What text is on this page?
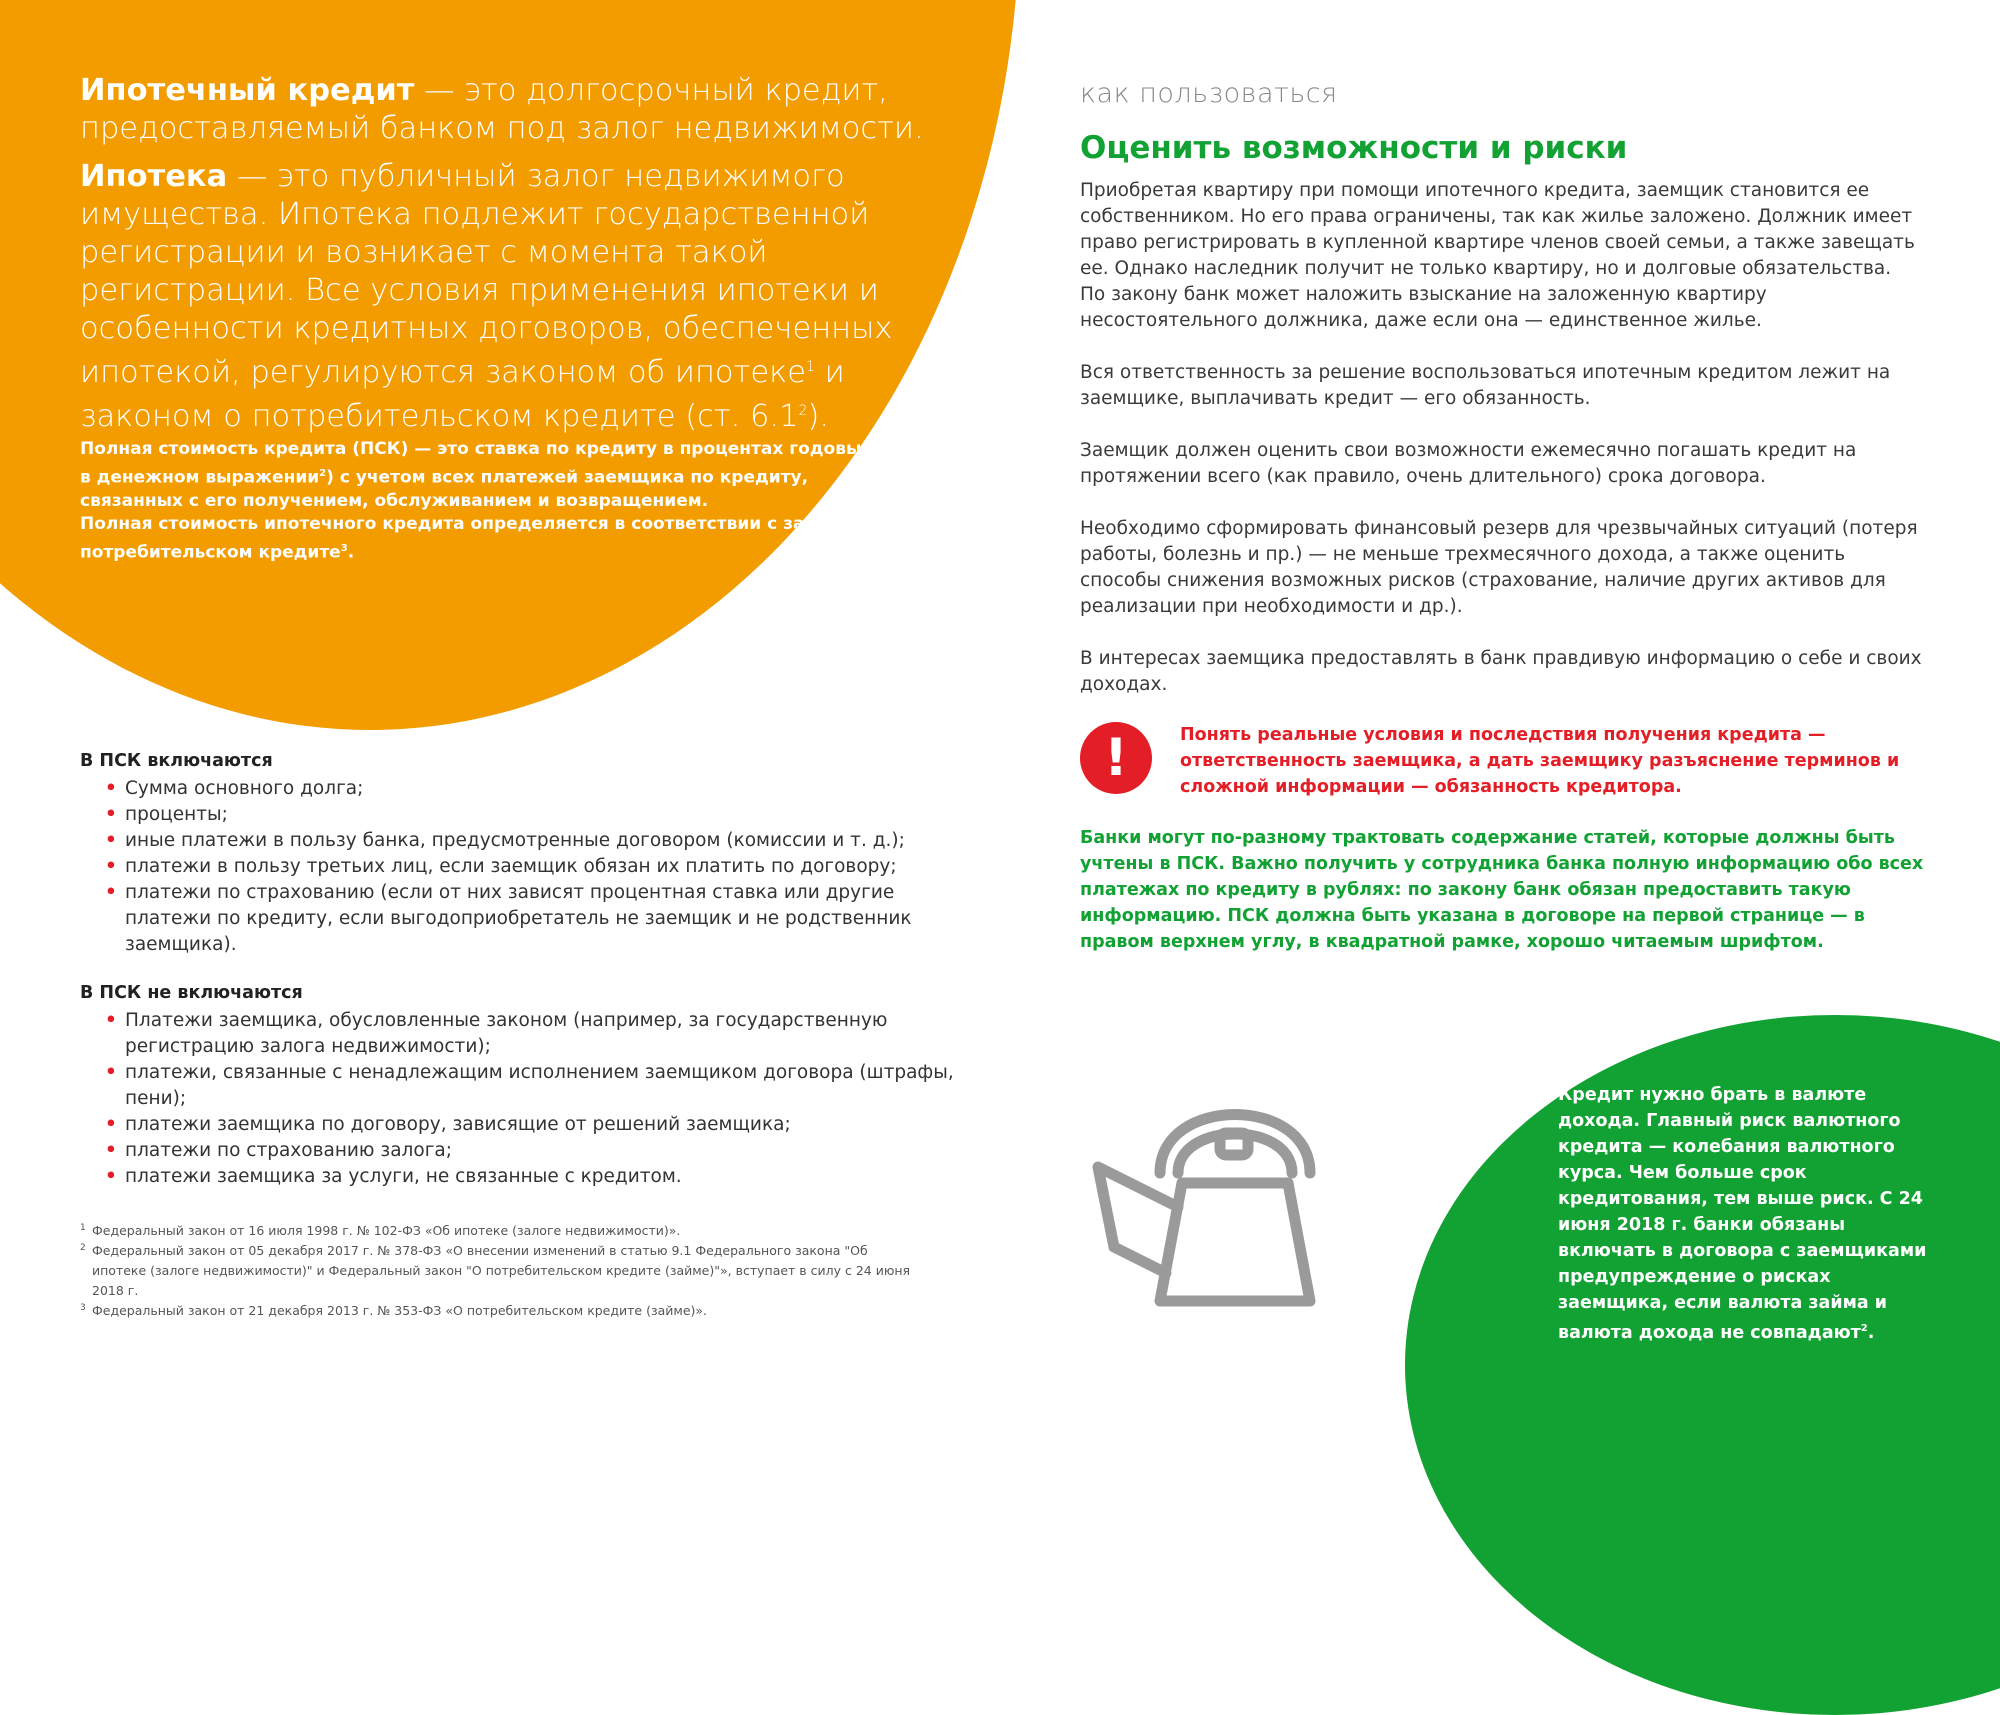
Ипотечный кредит — это долгосрочный кредит, предоставляемый банком под залог недвижимости.

Ипотека — это публичный залог недвижимого имущества. Ипотека подлежит государственной регистрации и возникает с момента такой регистрации. Все условия применения ипотеки и особенности кредитных договоров, обеспеченных ипотекой, регулируются законом об ипотеке$^1$ и законом о потребительском кредите (ст. $6.1^2$).

Полная стоимость кредита (ПСК) — это ставка по кредиту в процентах годовых (и в денежном выражении$^2$) с учетом всех платежей заемщика по кредиту, связанных с его получением, обслуживанием и возвращением.

Полная стоимость ипотечного кредита определяется в соответствии с законом о потребительском кредите$^3$.

В ПСК включаются
• Сумма основного долга;
• проценты;
• иные платежи в пользу банка, предусмотренные договором (комиссии и т. д.);
• платежи в пользу третьих лиц, если заемщик обязан их платить по договору;
• платежи по страхованию (если от них зависят процентная ставка или другие платежи по кредиту, если выгодоприобретатель не заемщик и не родственник заемщика).
В ПСК не включаются
• Платежи заемщика, обусловленные законом (например, за государственную регистрацию залога недвижимости);
• платежи, связанные с ненадлежащим исполнением заемщиком договора (штрафы, пени);
• платежи заемщика по договору, зависящие от решений заемщика;
• платежи по страхованию залога;
• платежи заемщика за услуги, не связанные с кредитом.
1 Федеральный закон от 16 июля 1998 г. № 102-ФЗ «Об ипотеке (залоге недвижимости)».
2 Федеральный закон от 05 декабря 2017 г. № 378-ФЗ «О внесении изменений в статью 9.1 Федерального закона "Об ипотеке (залоге недвижимости)" и Федеральный закон "О потребительском кредите (займе)"», вступает в силу с 24 июня 2018 г.
3 Федеральный закон от 21 декабря 2013 г. № 353-ФЗ «О потребительском кредите (займе)».
как пользоваться
Оценить возможности и риски

Приобретая квартиру при помощи ипотечного кредита, заемщик становится ее собственником. Но его права ограничены, так как жилье заложено. Должник имеет право регистрировать в купленной квартире членов своей семьи, а также завещать ее. Однако наследник получит не только квартиру, но и долговые обязательства. По закону банк может наложить взыскание на заложенную квартиру несостоятельного должника, даже если она — единственное жилье.

Вся ответственность за решение воспользоваться ипотечным кредитом лежит на заемщике, выплачивать кредит — его обязанность.

Заемщик должен оценить свои возможности ежемесячно погашать кредит на протяжении всего (как правило, очень длительного) срока договора.

Необходимо сформировать финансовый резерв для чрезвычайных ситуаций (потеря работы, болезнь и пр.) — не меньше трехмесячного дохода, а также оценить способы снижения возможных рисков (страхование, наличие других активов для реализации при необходимости и др.).

В интересах заемщика предоставлять в банк правдивую информацию о себе и своих доходах.

!	Понять реальные условия и последствия получения кредита — ответственность заемщика, а дать заемщику разъяснение терминов и сложной информации — обязанность кредитора.
Банки могут по-разному трактовать содержание статей, которые должны быть учтены в ПСК. Важно получить у сотрудника банка полную информацию обо всех платежах по кредиту в рублях: по закону банк обязан предоставить такую информацию. ПСК должна быть указана в договоре на первой странице — в правом верхнем углу, в квадратной рамке, хорошо читаемым шрифтом.
Кредит нужно брать в валюте дохода. Главный риск валютного кредита — колебания валютного курса. Чем больше срок кредитования, тем выше риск. С 24 июня 2018 г. банки обязаны включать в договора с заемщиками предупреждение о рисках заемщика, если валюта займа и валюта дохода не совпадают$^2$.
